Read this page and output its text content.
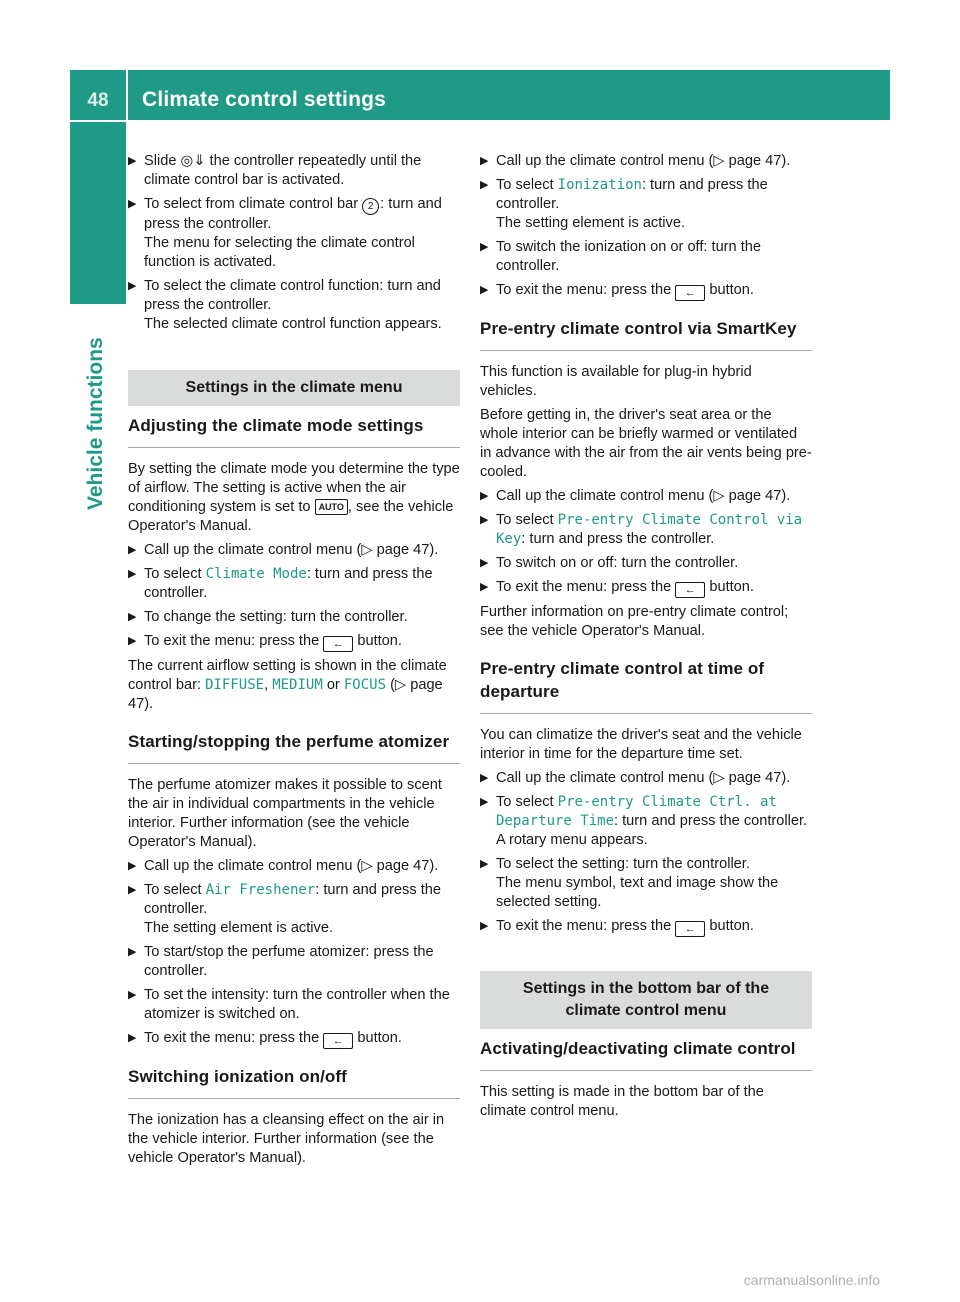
48	Climate control settings
Vehicle functions
▶ Slide ◎⇓ the controller repeatedly until the climate control bar is activated.
▶ To select from climate control bar 2 : turn and press the controller.
The menu for selecting the climate control function is activated.
▶ To select the climate control function: turn and press the controller.
The selected climate control function appears.
Settings in the climate menu
Adjusting the climate mode settings

By setting the climate mode you determine the type of airflow. The setting is active when the air conditioning system is set to AUTO , see the vehicle Operator's Manual.

▶ Call up the climate control menu (▷ page 47).
▶ To select Climate Mode: turn and press the controller.
▶ To change the setting: turn the controller.
▶ To exit the menu: press the ← button.

The current airflow setting is shown in the climate control bar: DIFFUSE, MEDIUM or FOCUS (▷ page 47).

Starting/stopping the perfume atomizer

The perfume atomizer makes it possible to scent the air in individual compartments in the vehicle interior. Further information (see the vehicle Operator's Manual).

▶ Call up the climate control menu (▷ page 47).
▶ To select Air Freshener: turn and press the controller.
The setting element is active.
▶ To start/stop the perfume atomizer: press the controller.
▶ To set the intensity: turn the controller when the atomizer is switched on.
▶ To exit the menu: press the ← button.
Switching ionization on/off

The ionization has a cleansing effect on the air in the vehicle interior. Further information (see the vehicle Operator's Manual).

▶ Call up the climate control menu (▷ page 47).
▶ To select Ionization: turn and press the controller.
The setting element is active.
▶ To switch the ionization on or off: turn the controller.
▶ To exit the menu: press the ← button.
Pre-entry climate control via SmartKey

This function is available for plug-in hybrid vehicles.

Before getting in, the driver's seat area or the whole interior can be briefly warmed or ventilated in advance with the air from the air vents being pre-cooled.

▶ Call up the climate control menu (▷ page 47).
▶ To select Pre-entry Climate Control via Key: turn and press the controller.
▶ To switch on or off: turn the controller.
▶ To exit the menu: press the ← button.

Further information on pre-entry climate control; see the vehicle Operator's Manual.

Pre-entry climate control at time of departure

You can climatize the driver's seat and the vehicle interior in time for the departure time set.

▶ Call up the climate control menu (▷ page 47).
▶ To select Pre-entry Climate Ctrl. at Departure Time: turn and press the controller.
A rotary menu appears.
▶ To select the setting: turn the controller.
The menu symbol, text and image show the selected setting.
▶ To exit the menu: press the ← button.
Settings in the bottom bar of the climate control menu
Activating/deactivating climate control

This setting is made in the bottom bar of the climate control menu.

carmanualsonline.info
